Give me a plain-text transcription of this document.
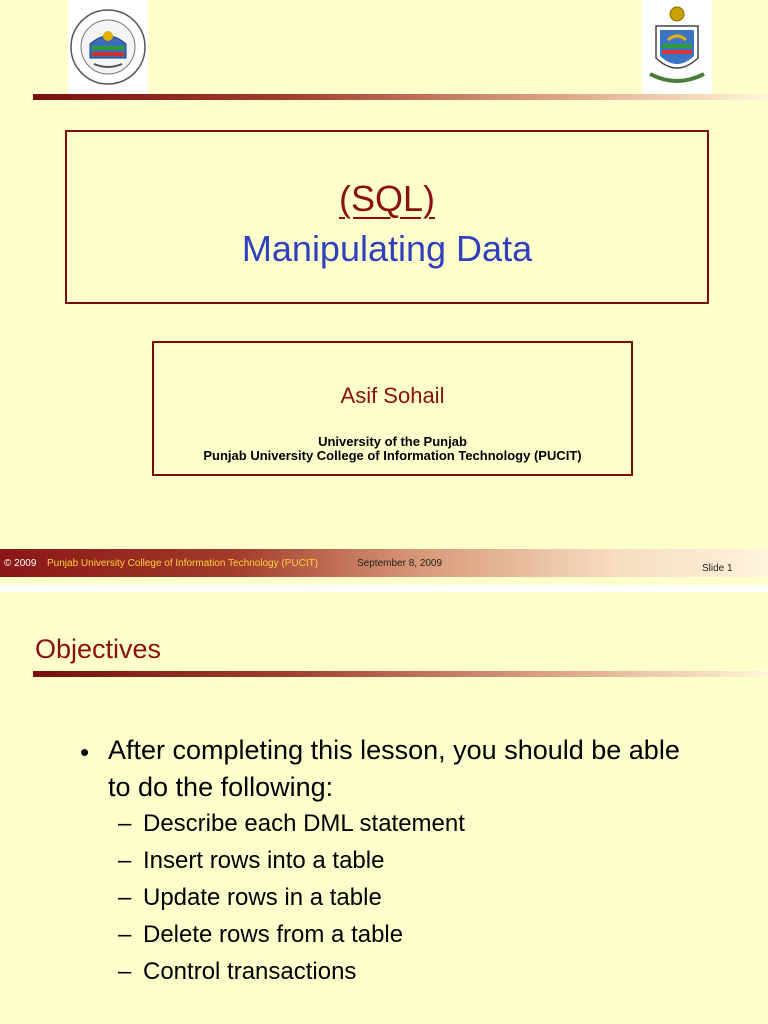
(SQL)
Manipulating Data
Asif Sohail
University of the Punjab
Punjab University College of Information Technology (PUCIT)
© 2009 Punjab University College of Information Technology (PUCIT)	September 8, 2009	Slide 1
Objectives
• After completing this lesson, you should be able to do the following:
– Describe each DML statement
– Insert rows into a table
– Update rows in a table
– Delete rows from a table
– Control transactions
